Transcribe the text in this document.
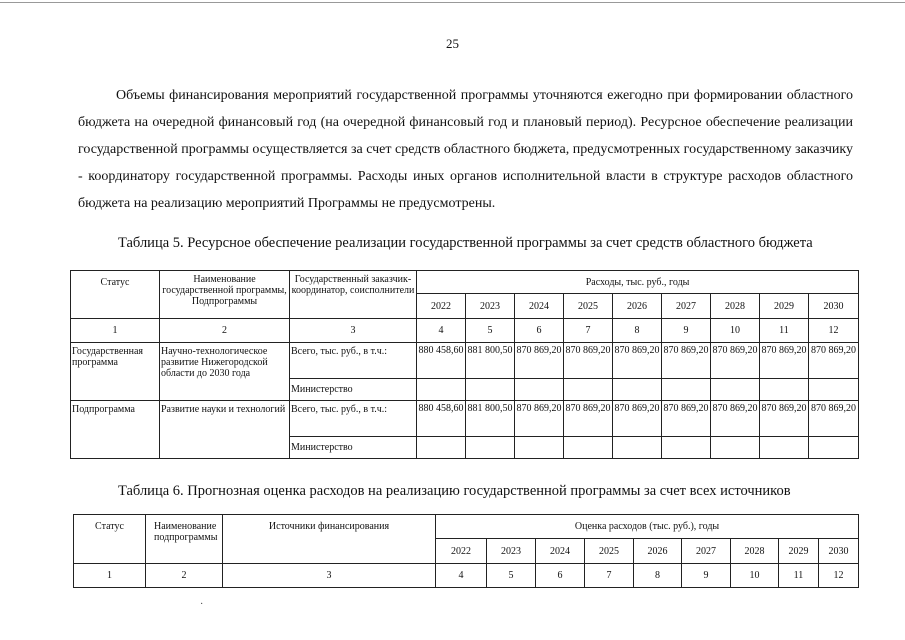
25

Объемы финансирования мероприятий государственной программы уточняются ежегодно при формировании областного бюджета на очередной финансовый год (на очередной финансовый год и плановый период). Ресурсное обеспечение реализации государственной программы осуществляется за счет средств областного бюджета, предусмотренных государственному заказчику - координатору государственной программы. Расходы иных органов исполнительной власти в структуре расходов областного бюджета на реализацию мероприятий Программы не предусмотрены.

Таблица 5. Ресурсное обеспечение реализации государственной программы за счет средств областного бюджета
Статус	Наименование государственной программы, Подпрограммы	Государственный заказчик-координатор, соисполнители	Расходы, тыс. руб., годы								
			2022	2023	2024	2025	2026	2027	2028	2029	2030
1	2	3	4	5	6	7	8	9	10	11	12
Государственная программа	Научно-технологическое развитие Нижегородской области до 2030 года	Всего, тыс. руб., в т.ч.:	880 458,60	881 800,50	870 869,20	870 869,20	870 869,20	870 869,20	870 869,20	870 869,20	870 869,20
		Министерство									
Подпрограмма	Развитие науки и технологий	Всего, тыс. руб., в т.ч.:	880 458,60	881 800,50	870 869,20	870 869,20	870 869,20	870 869,20	870 869,20	870 869,20	870 869,20
		Министерство									
Таблица 6. Прогнозная оценка расходов на реализацию государственной программы за счет всех источников
Статус	Наименование подпрограммы	Источники финансирования	Оценка расходов (тыс. руб.), годы								
			2022	2023	2024	2025	2026	2027	2028	2029	2030
1	2	3	4	5	6	7	8	9	10	11	12
·
